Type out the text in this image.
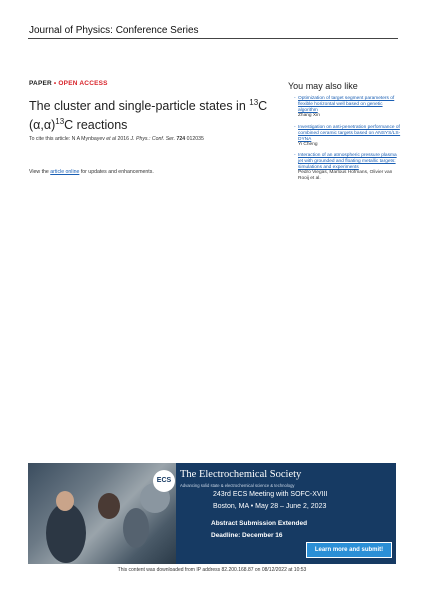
Journal of Physics: Conference Series
PAPER • OPEN ACCESS
The cluster and single-particle states in $^{13}$C $(\alpha,\alpha)^{13}C$ reactions
To cite this article: N A Mynbayev et al 2016 J. Phys.: Conf. Ser. 724 012035
View the article online for updates and enhancements.
You may also like
- Optimization of target segment parameters of flexible horizontal well based on genetic algorithm
Zhang Xin
- Investigation on anti-penetration performance of combined ceramic targets based on ANSYS/LS-DYNA
Yi Cheng
- Interaction of an atmospheric pressure plasma jet with grounded and floating metallic targets: simulations and experiments
Pedro Viegas, Marlous Hofmans, Olivier van Rooij et al.
ECS
The Electrochemical Society
Advancing solid state & electrochemical science & technology
243rd ECS Meeting with SOFC-XVIII
Boston, MA • May 28 – June 2, 2023
Abstract Submission Extended
Deadline: December 16
Learn more and submit!
This content was downloaded from IP address 82.200.168.87 on 08/12/2022 at 10:53
